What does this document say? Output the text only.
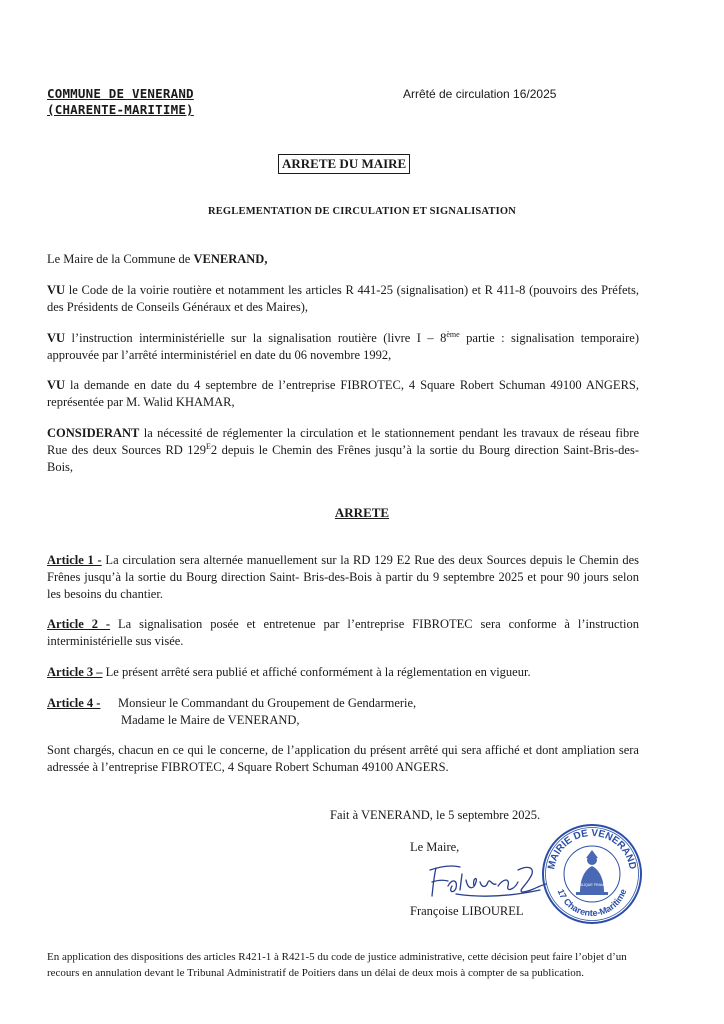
COMMUNE DE VENERAND
(CHARENTE-MARITIME)
Arrêté de circulation 16/2025
ARRETE DU MAIRE
REGLEMENTATION DE CIRCULATION ET SIGNALISATION
Le Maire de la Commune de VENERAND,
VU le Code de la voirie routière et notamment les articles R 441-25 (signalisation) et R 411-8 (pouvoirs des Préfets, des Présidents de Conseils Généraux et des Maires),
VU l’instruction interministérielle sur la signalisation routière (livre I – 8ème partie : signalisation temporaire) approuvée par l’arrêté interministériel en date du 06 novembre 1992,
VU la demande en date du 4 septembre de l’entreprise FIBROTEC, 4 Square Robert Schuman 49100 ANGERS, représentée par M. Walid KHAMAR,
CONSIDERANT la nécessité de réglementer la circulation et le stationnement pendant les travaux de réseau fibre Rue des deux Sources RD $129^E2$ depuis le Chemin des Frênes jusqu’à la sortie du Bourg direction Saint-Bris-des-Bois,
ARRETE
Article 1 - La circulation sera alternée manuellement sur la RD 129 E2 Rue des deux Sources depuis le Chemin des Frênes jusqu’à la sortie du Bourg direction Saint- Bris-des-Bois à partir du 9 septembre 2025 et pour 90 jours selon les besoins du chantier.
Article 2 - La signalisation posée et entretenue par l’entreprise FIBROTEC sera conforme à l’instruction interministérielle sus visée.
Article 3 – Le présent arrêté sera publié et affiché conformément à la réglementation en vigueur.
Article 4 - Monsieur le Commandant du Groupement de Gendarmerie,
Madame le Maire de VENERAND,
Sont chargés, chacun en ce qui le concerne, de l’application du présent arrêté qui sera affiché et dont ampliation sera adressée à l’entreprise FIBROTEC, 4 Square Robert Schuman 49100 ANGERS.
Fait à VENERAND, le 5 septembre 2025.
Le Maire,
Françoise LIBOUREL
MAIRIE DE VENERAND
17 Charente-Maritime
REPUBLIQUE FRANCAISE
En application des dispositions des articles R421-1 à R421-5 du code de justice administrative, cette décision peut faire l’objet d’un recours en annulation devant le Tribunal Administratif de Poitiers dans un délai de deux mois à compter de sa publication.
